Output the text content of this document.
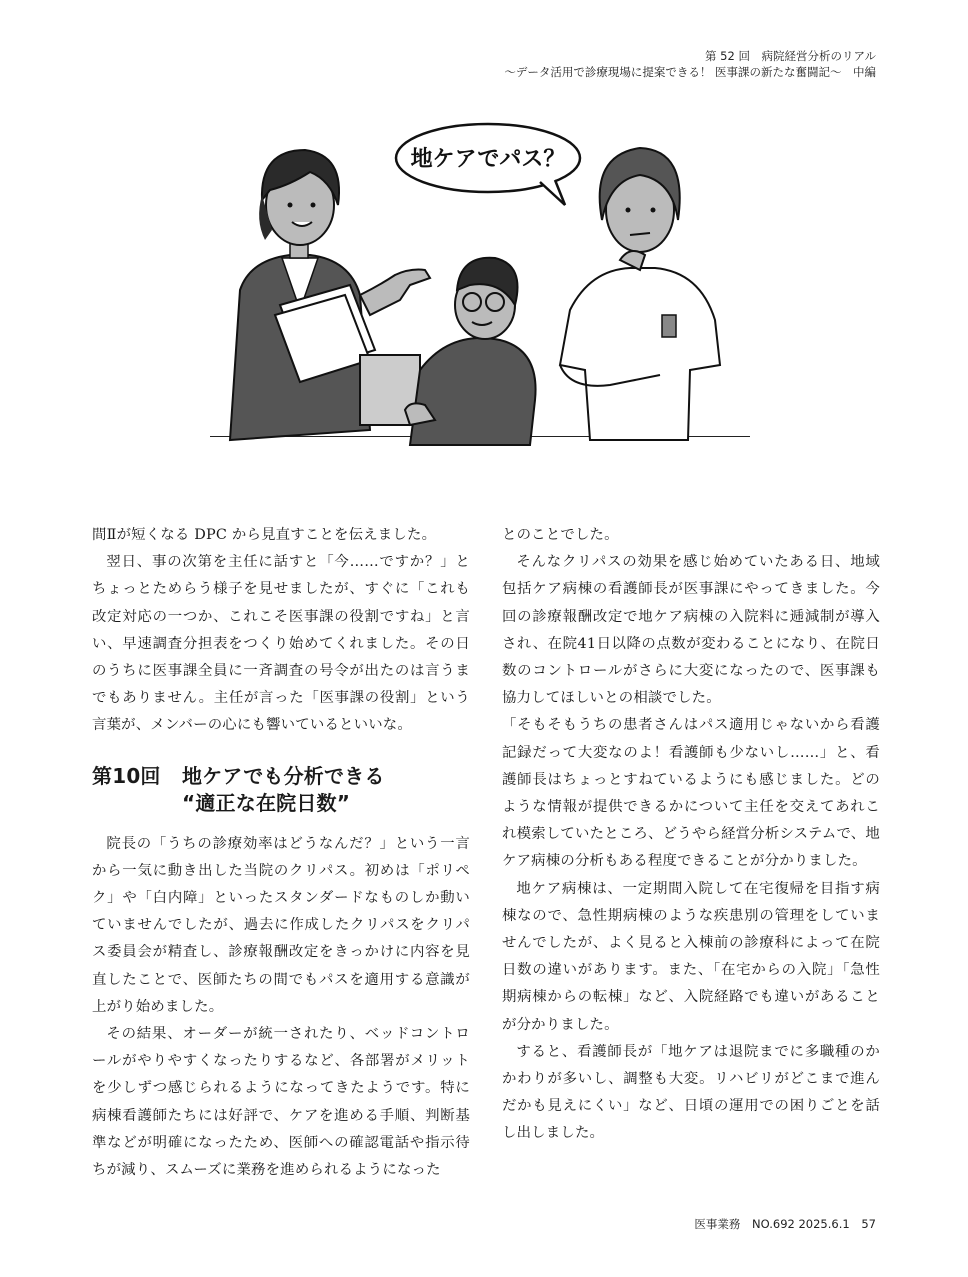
第 52 回　病院経営分析のリアル
～データ活用で診療現場に提案できる！ 医事課の新たな奮闘記～　中編
地ケアでパス？

間Ⅱが短くなる DPC から見直すことを伝えました。

翌日、事の次第を主任に話すと「今……ですか？」とちょっとためらう様子を見せましたが、すぐに「これも改定対応の一つか、これこそ医事課の役割ですね」と言い、早速調査分担表をつくり始めてくれました。その日のうちに医事課全員に一斉調査の号令が出たのは言うまでもありません。主任が言った「医事課の役割」という言葉が、メンバーの心にも響いているといいな。

第10回 地ケアでも分析できる
“適正な在院日数”

院長の「うちの診療効率はどうなんだ？」という一言から一気に動き出した当院のクリパス。初めは「ポリペク」や「白内障」といったスタンダードなものしか動いていませんでしたが、過去に作成したクリパスをクリパス委員会が精査し、診療報酬改定をきっかけに内容を見直したことで、医師たちの間でもパスを適用する意識が上がり始めました。

その結果、オーダーが統一されたり、ベッドコントロールがやりやすくなったりするなど、各部署がメリットを少しずつ感じられるようになってきたようです。特に病棟看護師たちには好評で、ケアを進める手順、判断基準などが明確になったため、医師への確認電話や指示待ちが減り、スムーズに業務を進められるようになった

とのことでした。

そんなクリパスの効果を感じ始めていたある日、地域包括ケア病棟の看護師長が医事課にやってきました。今回の診療報酬改定で地ケア病棟の入院料に逓減制が導入され、在院41日以降の点数が変わることになり、在院日数のコントロールがさらに大変になったので、医事課も協力してほしいとの相談でした。

「そもそもうちの患者さんはパス適用じゃないから看護記録だって大変なのよ！看護師も少ないし……」と、看護師長はちょっとすねているようにも感じました。どのような情報が提供できるかについて主任を交えてあれこれ模索していたところ、どうやら経営分析システムで、地ケア病棟の分析もある程度できることが分かりました。

地ケア病棟は、一定期間入院して在宅復帰を目指す病棟なので、急性期病棟のような疾患別の管理をしていませんでしたが、よく見ると入棟前の診療科によって在院日数の違いがあります。また、「在宅からの入院」「急性期病棟からの転棟」など、入院経路でも違いがあることが分かりました。

すると、看護師長が「地ケアは退院までに多職種のかかわりが多いし、調整も大変。リハビリがどこまで進んだかも見えにくい」など、日頃の運用での困りごとを話し出しました。

医事業務 NO.692 2025.6.1 57
